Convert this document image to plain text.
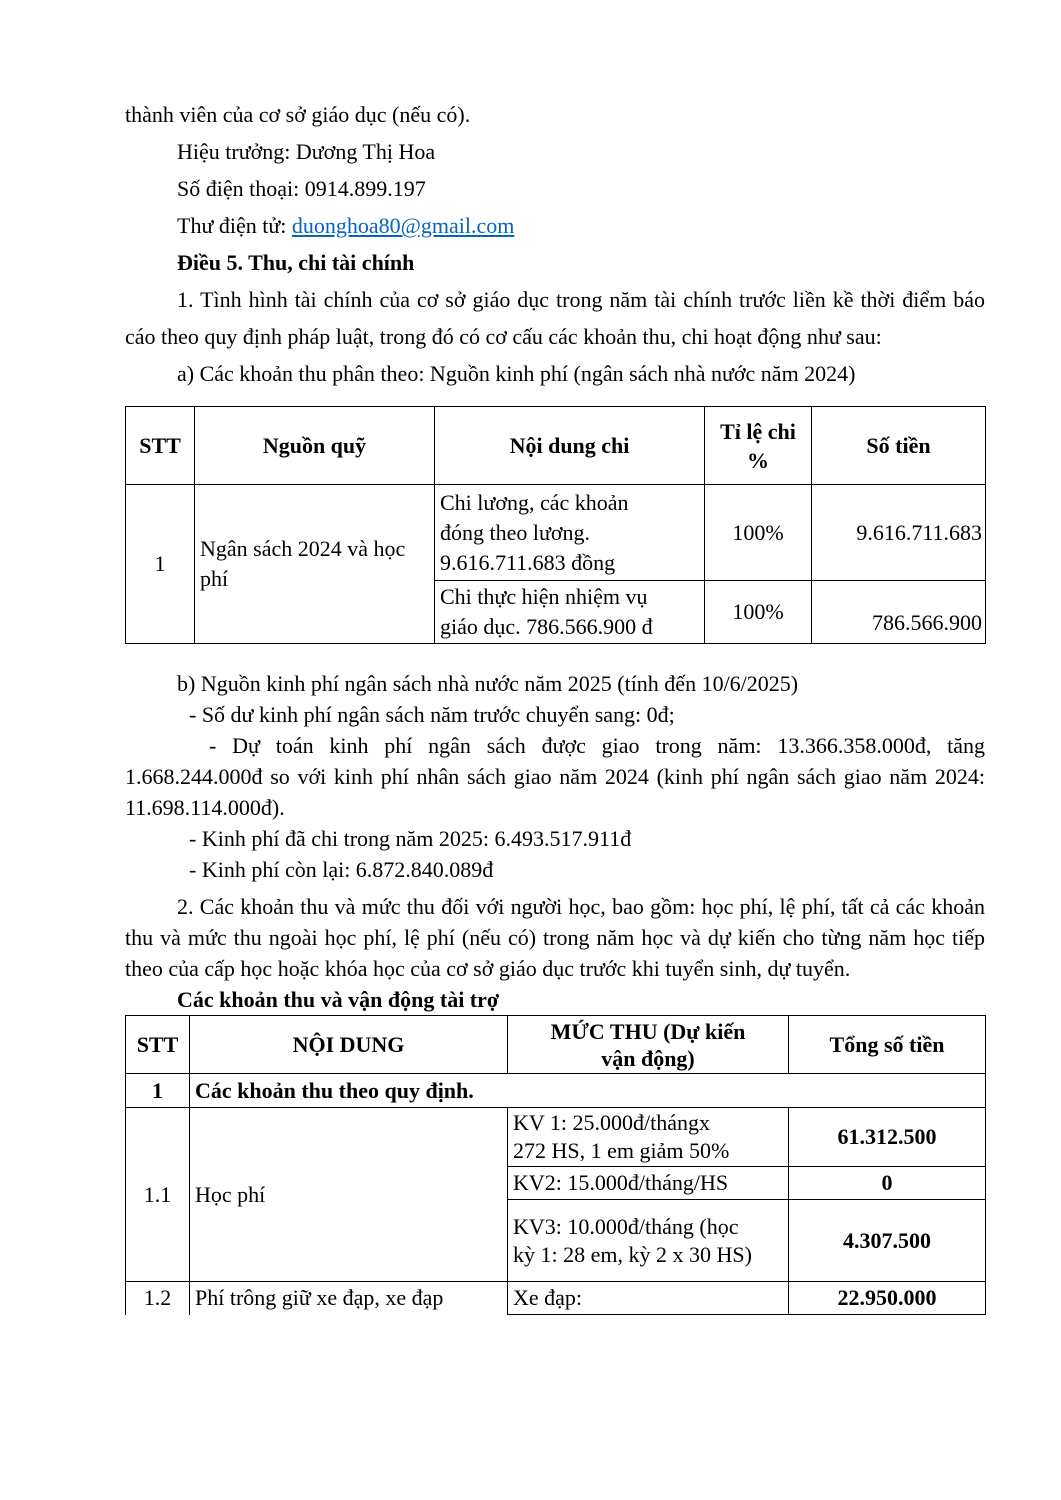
thành viên của cơ sở giáo dục (nếu có).

Hiệu trưởng: Dương Thị Hoa

Số điện thoại: 0914.899.197

Thư điện tử: duonghoa80@gmail.com

Điều 5. Thu, chi tài chính

1. Tình hình tài chính của cơ sở giáo dục trong năm tài chính trước liền kề thời điểm báo cáo theo quy định pháp luật, trong đó có cơ cấu các khoản thu, chi hoạt động như sau:

a) Các khoản thu phân theo: Nguồn kinh phí (ngân sách nhà nước năm 2024)

STT	Nguồn quỹ	Nội dung chi	Tỉ lệ chi %	Số tiền
1	Ngân sách 2024 và học phí	Chi lương, các khoản đóng theo lương. 9.616.711.683 đồng	100%	9.616.711.683

		Chi thực hiện nhiệm vụ giáo dục. 786.566.900 đ	100%	786.566.900

b) Nguồn kinh phí ngân sách nhà nước năm 2025 (tính đến 10/6/2025)

- Số dư kinh phí ngân sách năm trước chuyển sang: 0đ;

- Dự toán kinh phí ngân sách được giao trong năm: 13.366.358.000đ, tăng 1.668.244.000đ so với kinh phí nhân sách giao năm 2024 (kinh phí ngân sách giao năm 2024: 11.698.114.000đ).

- Kinh phí đã chi trong năm 2025: 6.493.517.911đ

- Kinh phí còn lại: 6.872.840.089đ

2. Các khoản thu và mức thu đối với người học, bao gồm: học phí, lệ phí, tất cả các khoản thu và mức thu ngoài học phí, lệ phí (nếu có) trong năm học và dự kiến cho từng năm học tiếp theo của cấp học hoặc khóa học của cơ sở giáo dục trước khi tuyển sinh, dự tuyển.

Các khoản thu và vận động tài trợ

STT	NỘI DUNG	MỨC THU (Dự kiến vận động)	Tổng số tiền
1	Các khoản thu theo quy định.		
1.1	Học phí	KV 1: 25.000đ/thángx 272 HS, 1 em giảm 50%	61.312.500
		KV2: 15.000đ/tháng/HS	0

		KV3: 10.000đ/tháng (học kỳ 1: 28 em, kỳ 2 x 30 HS)	4.307.500
1.2	Phí trông giữ xe đạp, xe đạp	Xe đạp:	22.950.000
